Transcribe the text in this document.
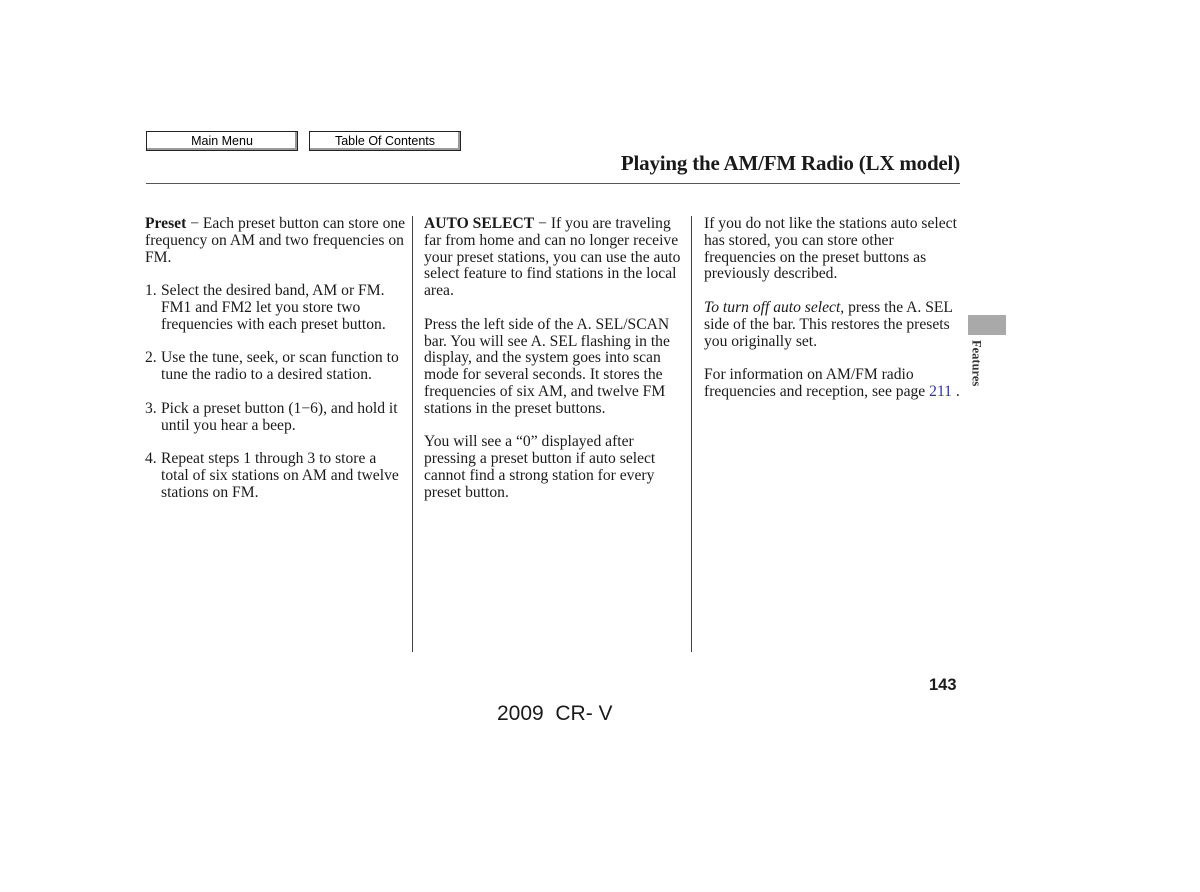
Main Menu	Table Of Contents
Playing the AM/FM Radio (LX model)

Preset − Each preset button can store one frequency on AM and two frequencies on FM.

1. Select the desired band, AM or FM. FM1 and FM2 let you store two frequencies with each preset button.
2. Use the tune, seek, or scan function to tune the radio to a desired station.
3. Pick a preset button (1−6), and hold it until you hear a beep.
4. Repeat steps 1 through 3 to store a total of six stations on AM and twelve stations on FM.

AUTO SELECT − If you are traveling far from home and can no longer receive your preset stations, you can use the auto select feature to find stations in the local area.

Press the left side of the A. SEL/SCAN bar. You will see A. SEL flashing in the display, and the system goes into scan mode for several seconds. It stores the frequencies of six AM, and twelve FM stations in the preset buttons.

You will see a “0” displayed after pressing a preset button if auto select cannot find a strong station for every preset button.

If you do not like the stations auto select has stored, you can store other frequencies on the preset buttons as previously described.

To turn off auto select, press the A. SEL side of the bar. This restores the presets you originally set.

For information on AM/FM radio frequencies and reception, see page 211 .

Features
143
2009  CR- V
